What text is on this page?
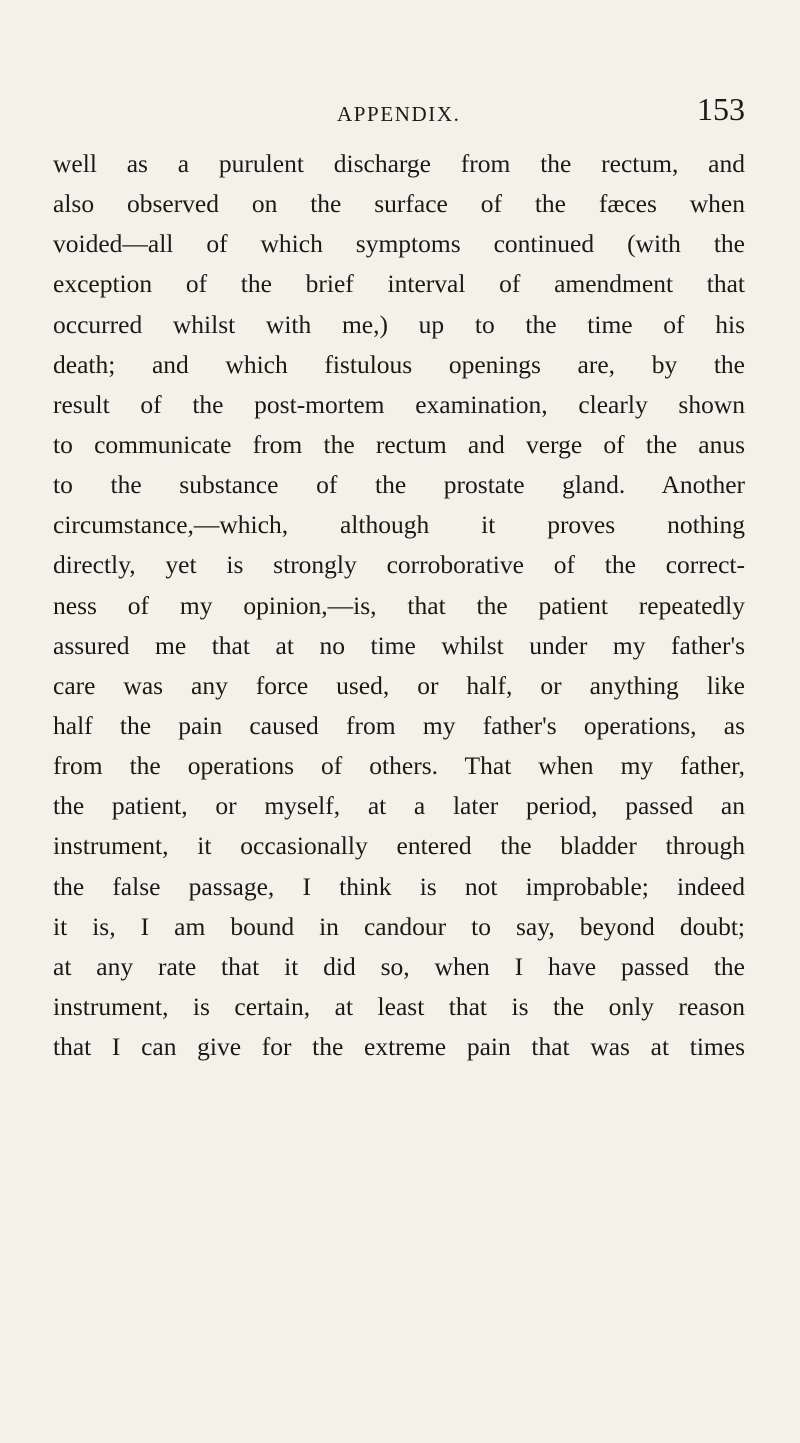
APPENDIX.	153
well as a purulent discharge from the rectum, and
also observed on the surface of the fæces when
voided—all of which symptoms continued (with the
exception of the brief interval of amendment that
occurred whilst with me,) up to the time of his
death; and which fistulous openings are, by the
result of the post-mortem examination, clearly shown
to communicate from the rectum and verge of the anus
to the substance of the prostate gland. Another
circumstance,—which, although it proves nothing
directly, yet is strongly corroborative of the correct-
ness of my opinion,—is, that the patient repeatedly
assured me that at no time whilst under my father's
care was any force used, or half, or anything like
half the pain caused from my father's operations, as
from the operations of others. That when my father,
the patient, or myself, at a later period, passed an
instrument, it occasionally entered the bladder through
the false passage, I think is not improbable; indeed
it is, I am bound in candour to say, beyond doubt;
at any rate that it did so, when I have passed the
instrument, is certain, at least that is the only reason
that I can give for the extreme pain that was at times
